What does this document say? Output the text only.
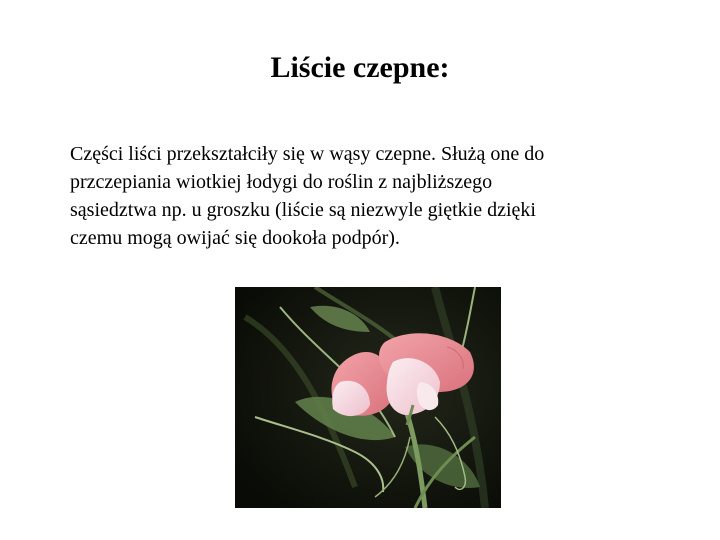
Liście czepne:

Części liści przekształciły się w wąsy czepne. Służą one do
przczepiania wiotkiej łodygi do roślin z najbliższego
sąsiedztwa np. u groszku (liście są niezwyle giętkie dzięki
czemu mogą owijać się dookoła podpór).
